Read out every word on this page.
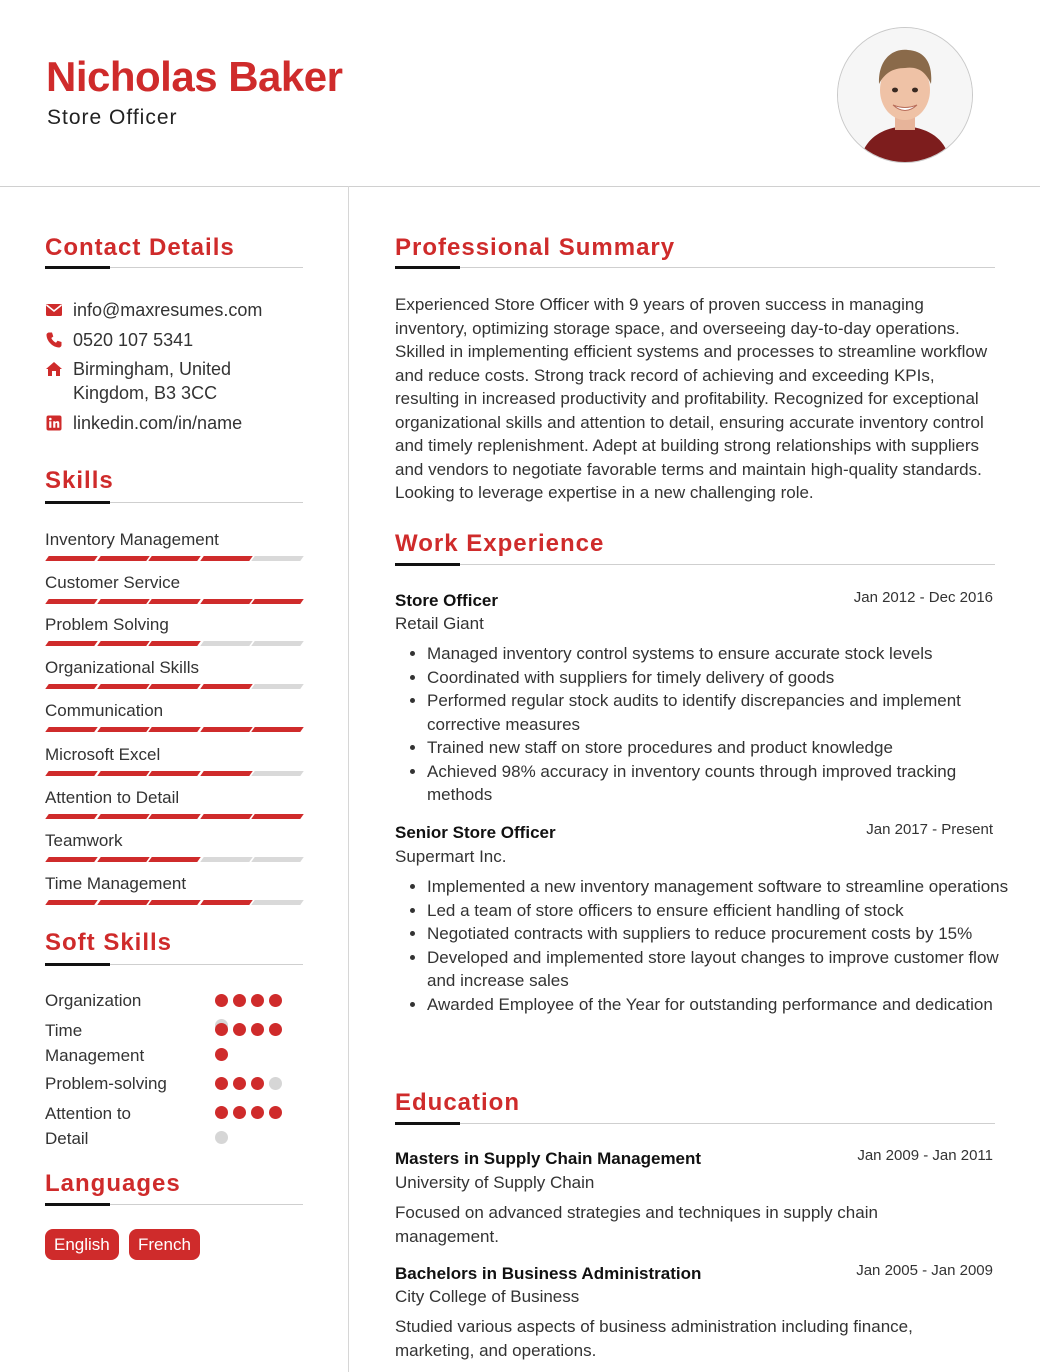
Nicholas Baker
Store Officer
Contact Details
info@maxresumes.com
0520 107 5341
Birmingham, United Kingdom, B3 3CC
linkedin.com/in/name
Skills
Inventory Management
Customer Service
Problem Solving
Organizational Skills
Communication
Microsoft Excel
Attention to Detail
Teamwork
Time Management
Soft Skills
Organization
Time Management
Problem-solving
Attention to Detail
Languages
English	French
Professional Summary
Experienced Store Officer with 9 years of proven success in managing inventory, optimizing storage space, and overseeing day-to-day operations. Skilled in implementing efficient systems and processes to streamline workflow and reduce costs. Strong track record of achieving and exceeding KPIs, resulting in increased productivity and profitability. Recognized for exceptional organizational skills and attention to detail, ensuring accurate inventory control and timely replenishment. Adept at building strong relationships with suppliers and vendors to negotiate favorable terms and maintain high-quality standards. Looking to leverage expertise in a new challenging role.
Work Experience
Store Officer	Jan 2012 - Dec 2016
Retail Giant
• Managed inventory control systems to ensure accurate stock levels
• Coordinated with suppliers for timely delivery of goods
• Performed regular stock audits to identify discrepancies and implement corrective measures
• Trained new staff on store procedures and product knowledge
• Achieved 98% accuracy in inventory counts through improved tracking methods
Senior Store Officer	Jan 2017 - Present
Supermart Inc.
• Implemented a new inventory management software to streamline operations
• Led a team of store officers to ensure efficient handling of stock
• Negotiated contracts with suppliers to reduce procurement costs by 15%
• Developed and implemented store layout changes to improve customer flow and increase sales
• Awarded Employee of the Year for outstanding performance and dedication
Education
Masters in Supply Chain Management	Jan 2009 - Jan 2011
University of Supply Chain
Focused on advanced strategies and techniques in supply chain management.
Bachelors in Business Administration	Jan 2005 - Jan 2009
City College of Business
Studied various aspects of business administration including finance, marketing, and operations.
